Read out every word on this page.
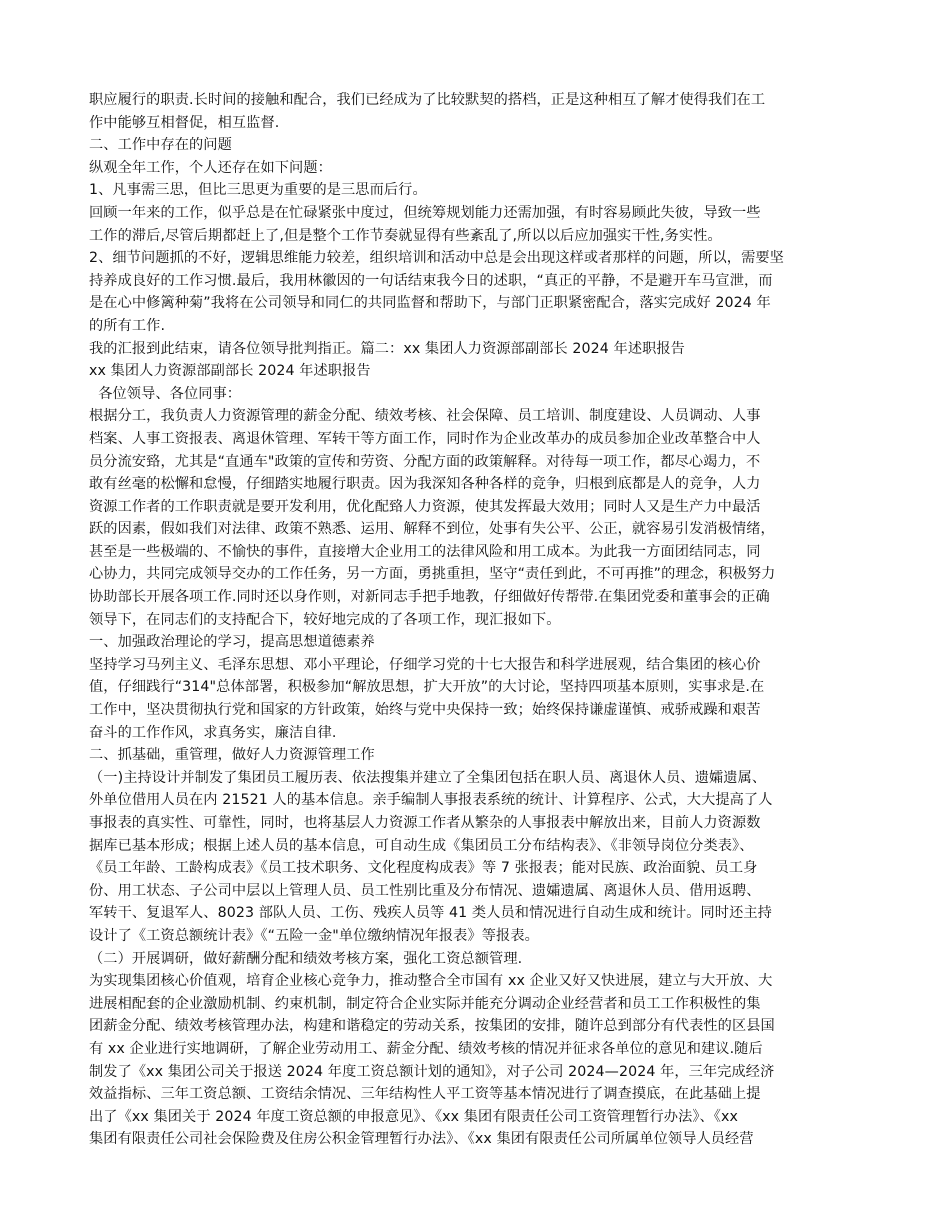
职应履行的职责.长时间的接触和配合，我们已经成为了比较默契的搭档，正是这种相互了解才使得我们在工
作中能够互相督促，相互监督.
二、工作中存在的问题
纵观全年工作，个人还存在如下问题：
1、凡事需三思，但比三思更为重要的是三思而后行。
回顾一年来的工作，似乎总是在忙碌紧张中度过，但统筹规划能力还需加强，有时容易顾此失彼，导致一些
工作的滞后,尽管后期都赶上了,但是整个工作节奏就显得有些紊乱了,所以以后应加强实干性,务实性。
2、细节问题抓的不好，逻辑思维能力较差，组织培训和活动中总是会出现这样或者那样的问题，所以，需要坚
持养成良好的工作习惯.最后，我用林徽因的一句话结束我今日的述职，“真正的平静，不是避开车马宣泄，而
是在心中修篱种菊”我将在公司领导和同仁的共同监督和帮助下，与部门正职紧密配合，落实完成好 2024 年
的所有工作.
我的汇报到此结束，请各位领导批判指正。篇二：xx 集团人力资源部副部长 2024 年述职报告
xx 集团人力资源部副部长 2024 年述职报告
各位领导、各位同事：
根据分工，我负责人力资源管理的薪金分配、绩效考核、社会保障、员工培训、制度建设、人员调动、人事
档案、人事工资报表、离退休管理、军转干等方面工作，同时作为企业改革办的成员参加企业改革整合中人
员分流安臵，尤其是“直通车"政策的宣传和劳资、分配方面的政策解释。对待每一项工作，都尽心竭力，不
敢有丝毫的松懈和怠慢，仔细踏实地履行职责。因为我深知各种各样的竞争，归根到底都是人的竞争，人力
资源工作者的工作职责就是要开发利用，优化配臵人力资源，使其发挥最大效用；同时人又是生产力中最活
跃的因素，假如我们对法律、政策不熟悉、运用、解释不到位，处事有失公平、公正，就容易引发消极情绪，
甚至是一些极端的、不愉快的事件，直接增大企业用工的法律风险和用工成本。为此我一方面团结同志，同
心协力，共同完成领导交办的工作任务，另一方面，勇挑重担，坚守“责任到此，不可再推”的理念，积极努力
协助部长开展各项工作.同时还以身作则，对新同志手把手地教，仔细做好传帮带.在集团党委和董事会的正确
领导下，在同志们的支持配合下，较好地完成的了各项工作，现汇报如下。
一、加强政治理论的学习，提高思想道德素养
坚持学习马列主义、毛泽东思想、邓小平理论，仔细学习党的十七大报告和科学进展观，结合集团的核心价
值，仔细践行“314"总体部署，积极参加“解放思想，扩大开放”的大讨论，坚持四项基本原则，实事求是.在
工作中，坚决贯彻执行党和国家的方针政策，始终与党中央保持一致；始终保持谦虚谨慎、戒骄戒躁和艰苦
奋斗的工作作风，求真务实，廉洁自律.
二、抓基础，重管理，做好人力资源管理工作
（一)主持设计并制发了集团员工履历表、依法搜集并建立了全集团包括在职人员、离退休人员、遗孀遗属、
外单位借用人员在内 21521 人的基本信息。亲手编制人事报表系统的统计、计算程序、公式，大大提高了人
事报表的真实性、可靠性，同时，也将基层人力资源工作者从繁杂的人事报表中解放出来，目前人力资源数
据库已基本形成；根据上述人员的基本信息，可自动生成《集团员工分布结构表》、《非领导岗位分类表》、
《员工年龄、工龄构成表》《员工技术职务、文化程度构成表》等 7 张报表；能对民族、政治面貌、员工身
份、用工状态、子公司中层以上管理人员、员工性别比重及分布情况、遗孀遗属、离退休人员、借用返聘、
军转干、复退军人、8023 部队人员、工伤、残疾人员等 41 类人员和情况进行自动生成和统计。同时还主持
设计了《工资总额统计表》《“五险一金"单位缴纳情况年报表》等报表。
（二）开展调研，做好薪酬分配和绩效考核方案，强化工资总额管理.
为实现集团核心价值观，培育企业核心竞争力，推动整合全市国有 xx 企业又好又快进展，建立与大开放、大
进展相配套的企业激励机制、约束机制，制定符合企业实际并能充分调动企业经营者和员工工作积极性的集
团薪金分配、绩效考核管理办法，构建和谐稳定的劳动关系，按集团的安排，随许总到部分有代表性的区县国
有 xx 企业进行实地调研，了解企业劳动用工、薪金分配、绩效考核的情况并征求各单位的意见和建议.随后
制发了《xx 集团公司关于报送 2024 年度工资总额计划的通知》，对子公司 2024—2024 年，三年完成经济
效益指标、三年工资总额、工资结余情况、三年结构性人平工资等基本情况进行了调查摸底，在此基础上提
出了《xx 集团关于 2024 年度工资总额的申报意见》、《xx 集团有限责任公司工资管理暂行办法》、《xx
集团有限责任公司社会保险费及住房公积金管理暂行办法》、《xx 集团有限责任公司所属单位领导人员经营
